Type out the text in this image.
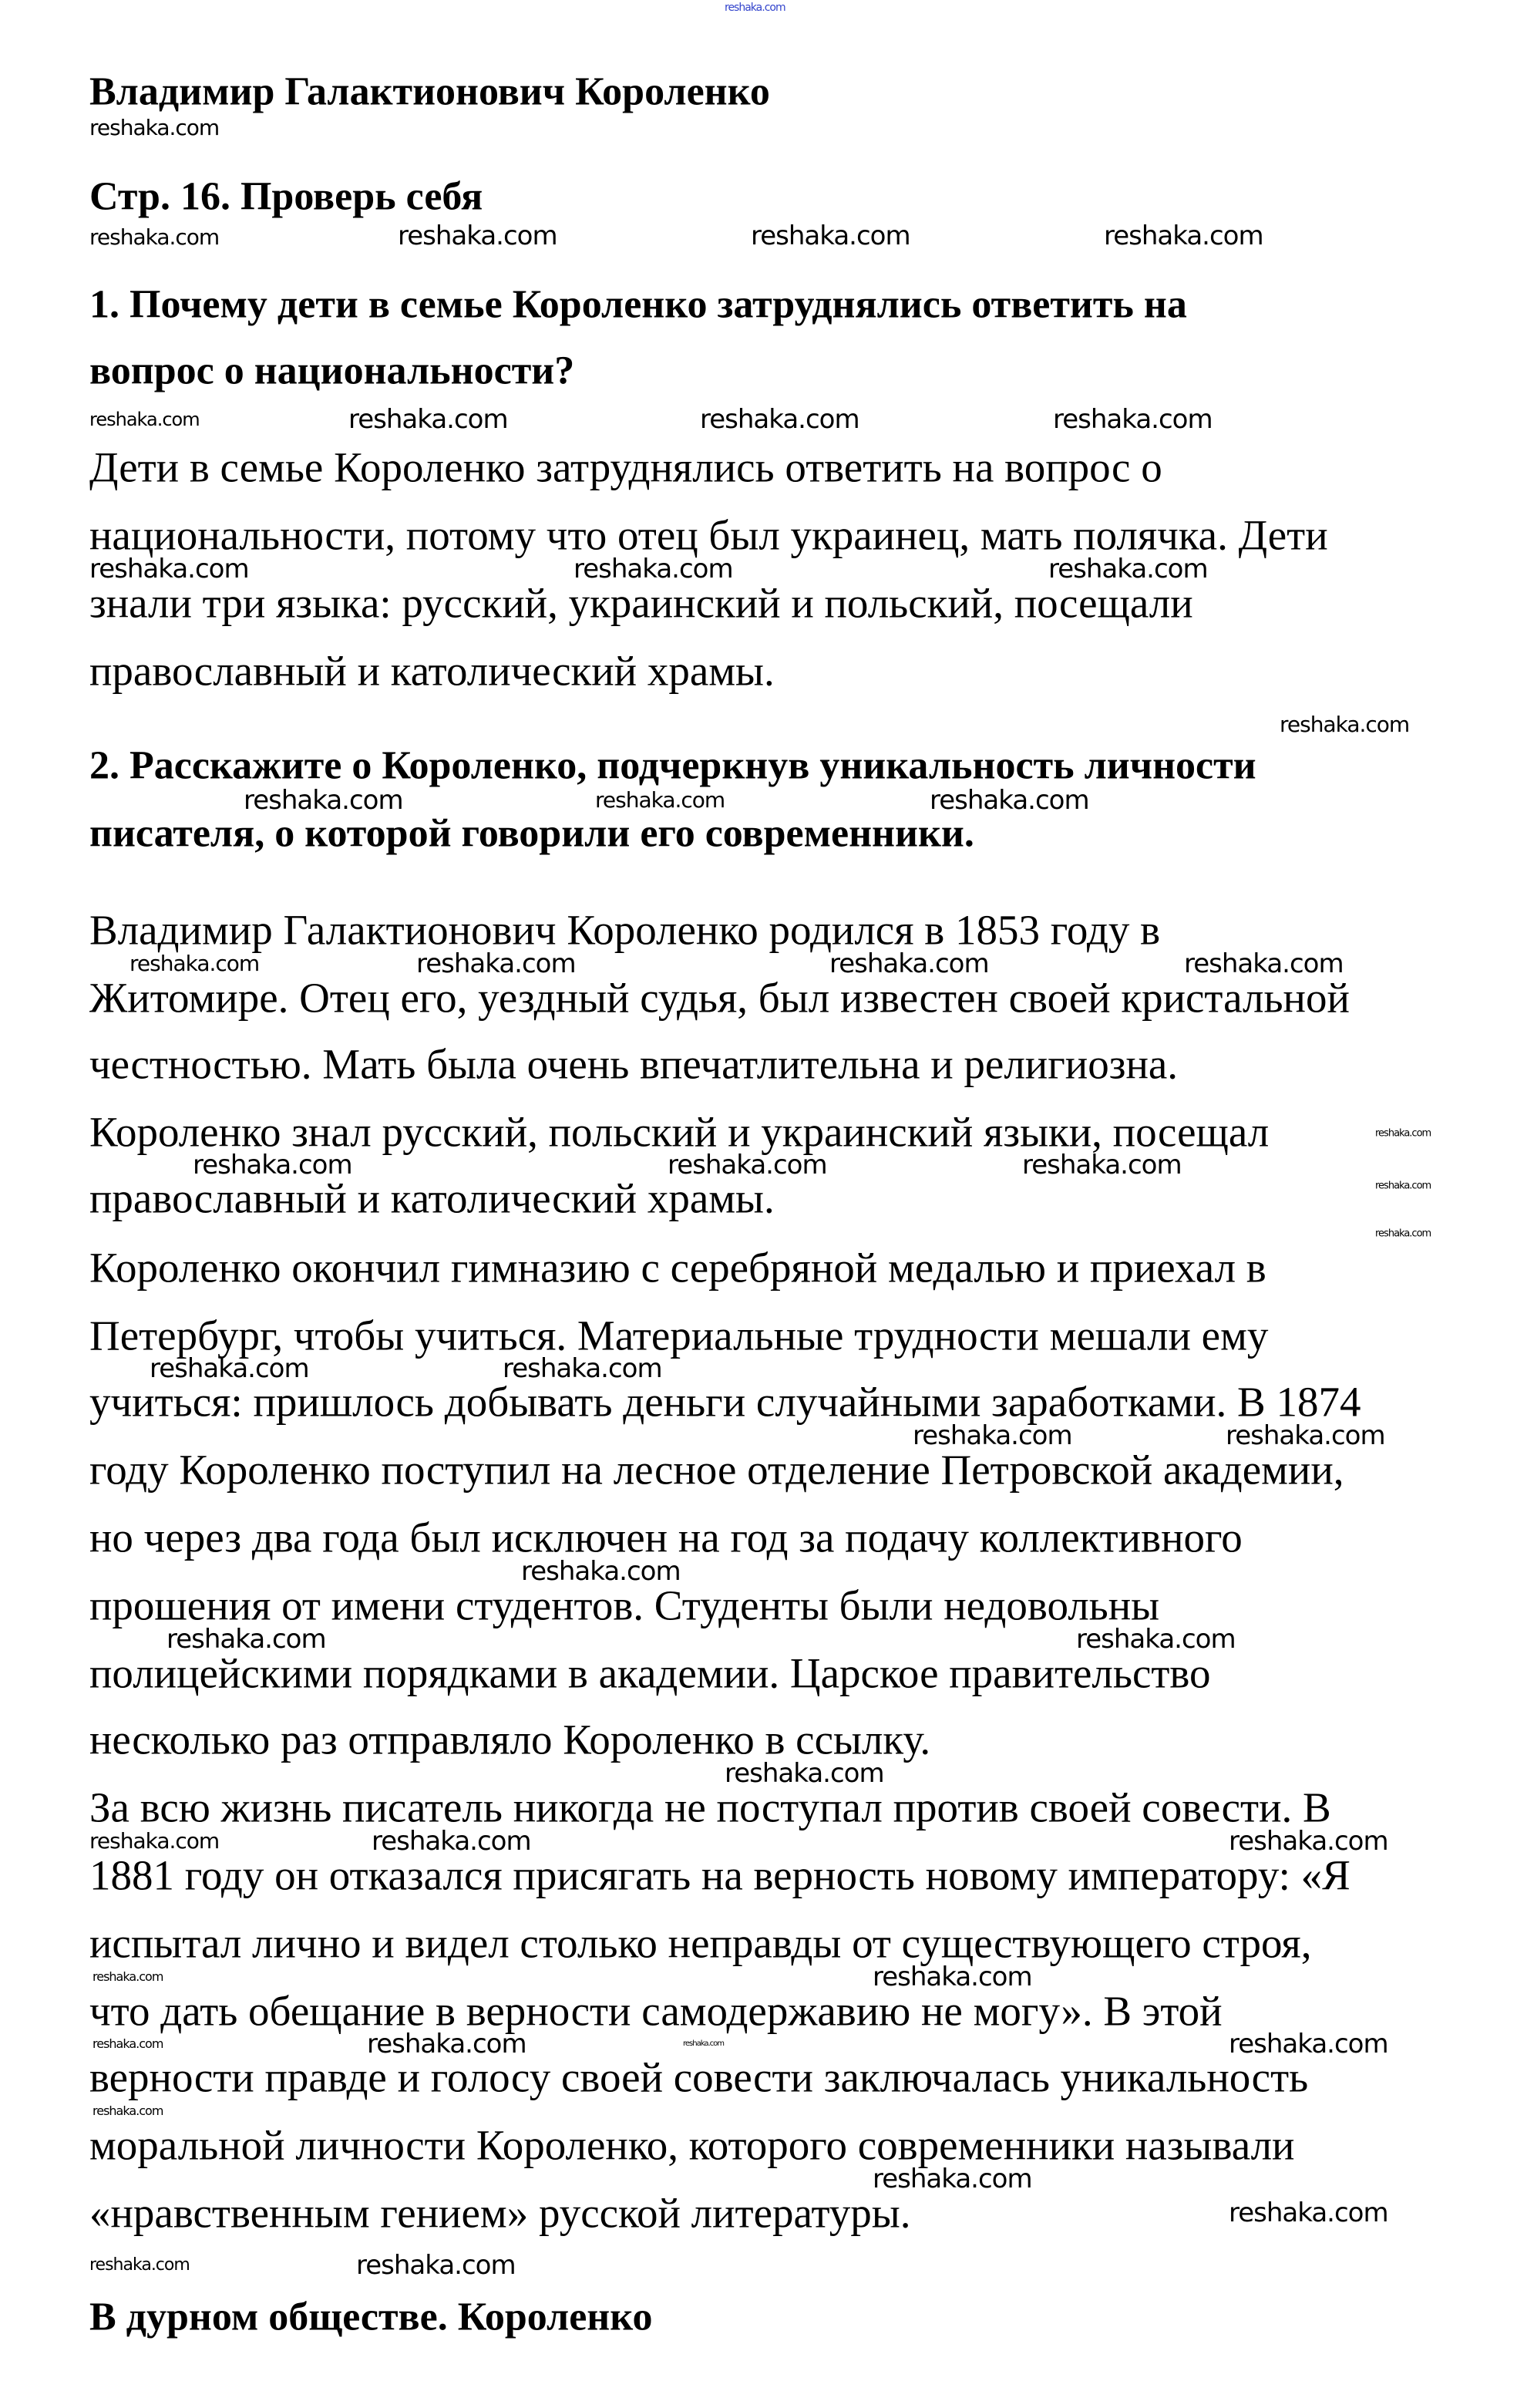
reshaka.com
Владимир Галактионович Короленко
Стр. 16. Проверь себя
1. Почему дети в семье Короленко затруднялись ответить на
вопрос о национальности?
Дети в семье Короленко затруднялись ответить на вопрос о
национальности, потому что отец был украинец, мать полячка. Дети
знали три языка: русский, украинский и польский, посещали
православный и католический храмы.
2. Расскажите о Короленко, подчеркнув уникальность личности
писателя, о которой говорили его современники.
Владимир Галактионович Короленко родился в 1853 году в
Житомире. Отец его, уездный судья, был известен своей кристальной
честностью. Мать была очень впечатлительна и религиозна.
Короленко знал русский, польский и украинский языки, посещал
православный и католический храмы.
Короленко окончил гимназию с серебряной медалью и приехал в
Петербург, чтобы учиться. Материальные трудности мешали ему
учиться: пришлось добывать деньги случайными заработками. В 1874
году Короленко поступил на лесное отделение Петровской академии,
но через два года был исключен на год за подачу коллективного
прошения от имени студентов. Студенты были недовольны
полицейскими порядками в академии. Царское правительство
несколько раз отправляло Короленко в ссылку.
За всю жизнь писатель никогда не поступал против своей совести. В
1881 году он отказался присягать на верность новому императору: «Я
испытал лично и видел столько неправды от существующего строя,
что дать обещание в верности самодержавию не могу». В этой
верности правде и голосу своей совести заключалась уникальность
моральной личности Короленко, которого современники называли
«нравственным гением» русской литературы.
В дурном обществе. Короленко
reshaka.com
reshaka.com	reshaka.com	reshaka.com	reshaka.com
reshaka.com	reshaka.com	reshaka.com	reshaka.com
reshaka.com	reshaka.com	reshaka.com
reshaka.com
reshaka.com	reshaka.com	reshaka.com
reshaka.com	reshaka.com	reshaka.com	reshaka.com
reshaka.com
reshaka.com
reshaka.com
reshaka.com	reshaka.com	reshaka.com
reshaka.com	reshaka.com
reshaka.com	reshaka.com
reshaka.com
reshaka.com	reshaka.com
reshaka.com
reshaka.com	reshaka.com	reshaka.com
reshaka.com	reshaka.com
reshaka.com
reshaka.com	reshaka.com	reshaka.com
reshaka.com
reshaka.com
reshaka.com
reshaka.com	reshaka.com
